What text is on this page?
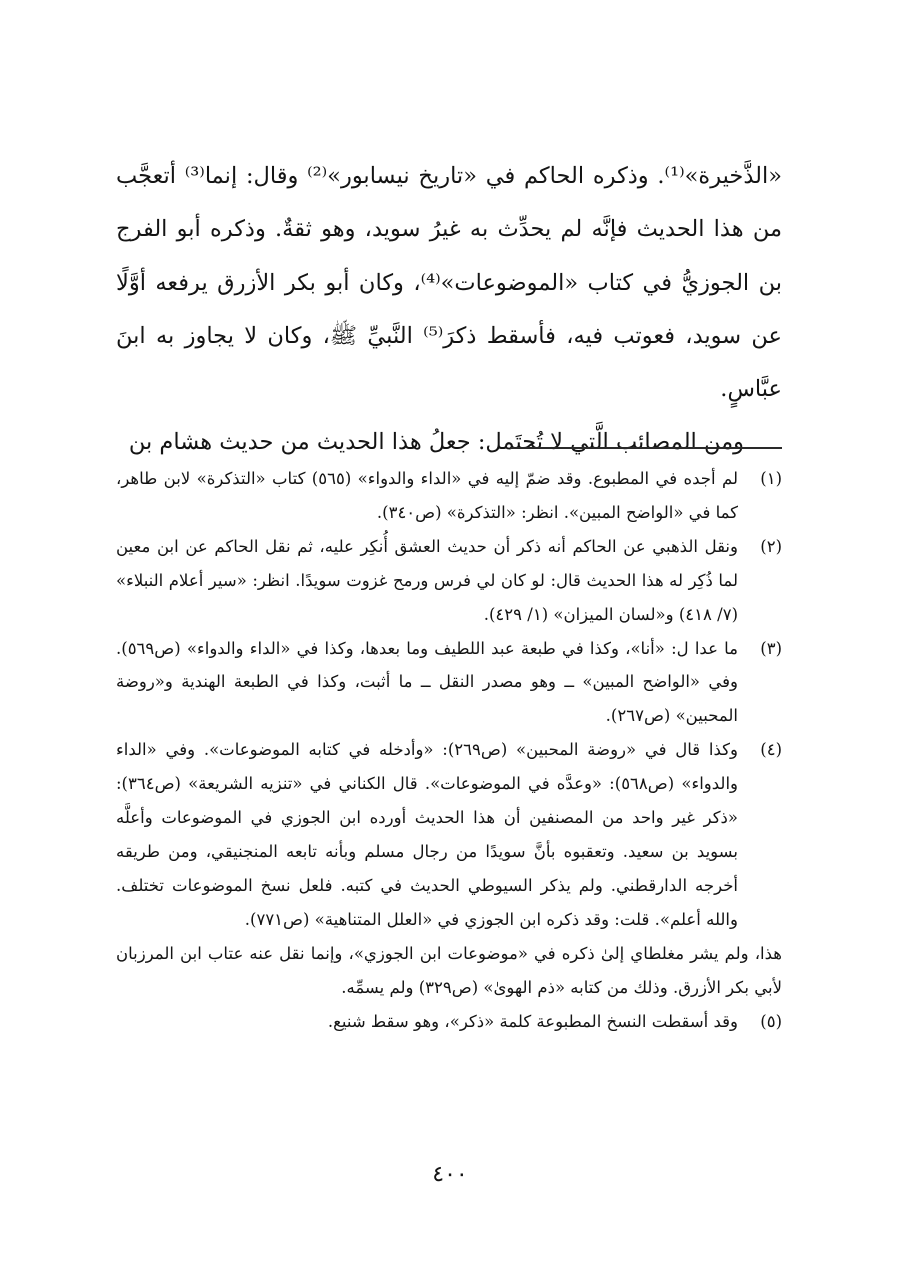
«الذَّخيرة»⁽¹⁾. وذكره الحاكم في «تاريخ نيسابور»⁽²⁾ وقال: إنما⁽³⁾ أتعجَّب من هذا الحديث فإنَّه لم يحدِّث به غيرُ سويد، وهو ثقةٌ. وذكره أبو الفرج بن الجوزيُّ في كتاب «الموضوعات»⁽⁴⁾، وكان أبو بكر الأزرق يرفعه أوَّلًا عن سويد، فعوتب فيه، فأسقط ذكرَ⁽⁵⁾ النَّبيِّ ﷺ، وكان لا يجاوز به ابنَ عبَّاسٍ.

ومن المصائب الَّتي لا تُحتَمل: جعلُ هذا الحديث من حديث هشام بن

(١)
لم أجده في المطبوع. وقد ضمّ إليه في «الداء والدواء» (٥٦٥) كتاب «التذكرة» لابن طاهر، كما في «الواضح المبين». انظر: «التذكرة» (ص٣٤٠).
(٢)
ونقل الذهبي عن الحاكم أنه ذكر أن حديث العشق أُنكِر عليه، ثم نقل الحاكم عن ابن معين لما ذُكِر له هذا الحديث قال: لو كان لي فرس ورمح غزوت سويدًا. انظر: «سير أعلام النبلاء» (٧/ ٤١٨) و«لسان الميزان» (١/ ٤٢٩).
(٣)
ما عدا ل: «أنا»، وكذا في طبعة عبد اللطيف وما بعدها، وكذا في «الداء والدواء» (ص٥٦٩). وفي «الواضح المبين» ــ وهو مصدر النقل ــ ما أثبت، وكذا في الطبعة الهندية و«روضة المحبين» (ص٢٦٧).
(٤)
وكذا قال في «روضة المحبين» (ص٢٦٩): «وأدخله في كتابه الموضوعات». وفي «الداء والدواء» (ص٥٦٨): «وعدَّه في الموضوعات». قال الكناني في «تنزيه الشريعة» (ص٣٦٤): «ذكر غير واحد من المصنفين أن هذا الحديث أورده ابن الجوزي في الموضوعات وأعلَّه بسويد بن سعيد. وتعقبوه بأنَّ سويدًا من رجال مسلم وبأنه تابعه المنجنيقي، ومن طريقه أخرجه الدارقطني. ولم يذكر السيوطي الحديث في كتبه. فلعل نسخ الموضوعات تختلف. والله أعلم». قلت: وقد ذكره ابن الجوزي في «العلل المتناهية» (ص٧٧١).

هذا، ولم يشر مغلطاي إلىٰ ذكره في «موضوعات ابن الجوزي»، وإنما نقل عنه عتاب ابن المرزبان لأبي بكر الأزرق. وذلك من كتابه «ذم الهوىٰ» (ص٣٢٩) ولم يسمِّه.

(٥)
وقد أسقطت النسخ المطبوعة كلمة «ذكر»، وهو سقط شنيع.
٤٠٠
